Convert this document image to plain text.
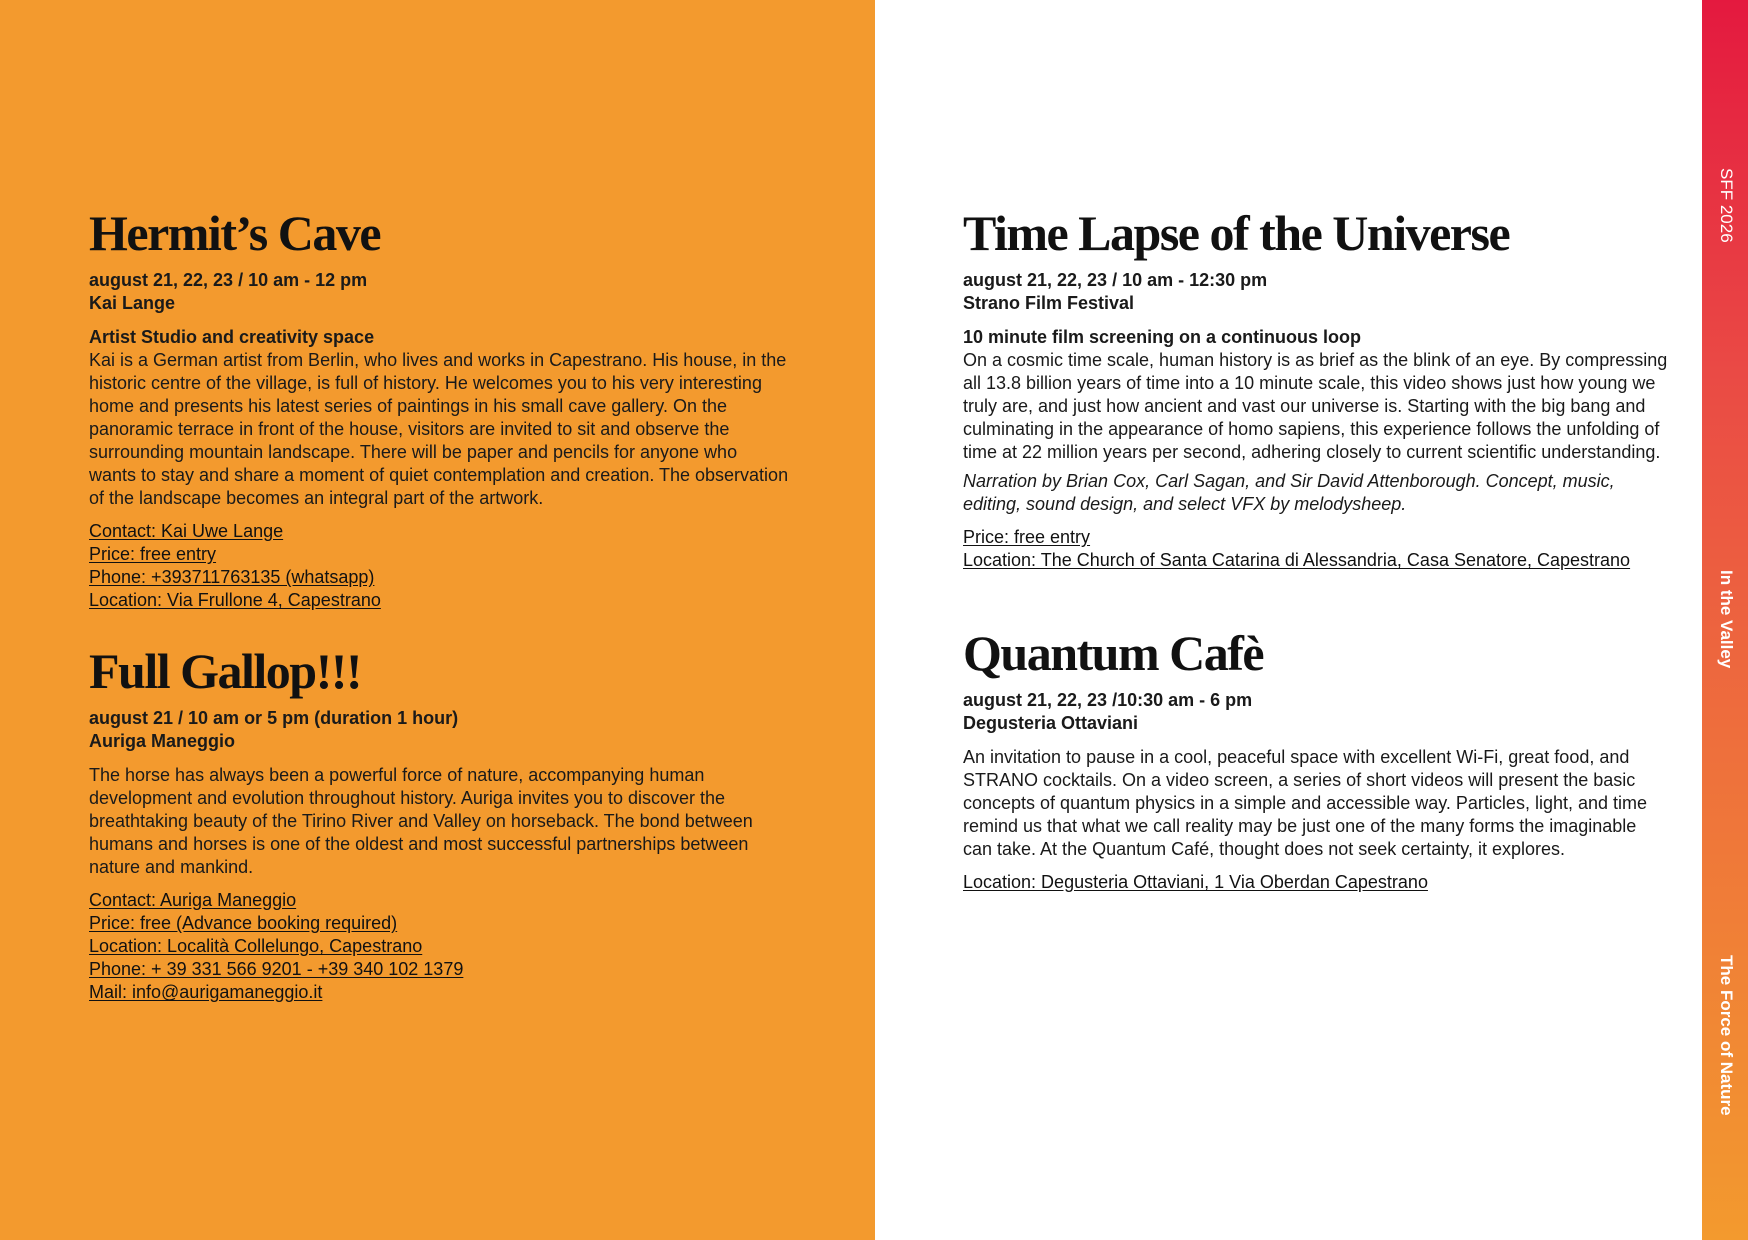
SFF 2026
In the Valley
The Force of Nature
Hermit’s Cave
august 21, 22, 23 / 10 am - 12 pm
Kai Lange
Artist Studio and creativity space
Kai is a German artist from Berlin, who lives and works in Capestrano. His house, in the historic centre of the village, is full of history. He welcomes you to his very interesting home and presents his latest series of paintings in his small cave gallery. On the panoramic terrace in front of the house, visitors are invited to sit and observe the surrounding mountain landscape. There will be paper and pencils for anyone who wants to stay and share a moment of quiet contemplation and creation. The observation of the landscape becomes an integral part of the artwork.
Contact: Kai Uwe Lange
Price: free entry
Phone: +393711763135 (whatsapp)
Location: Via Frullone 4, Capestrano
Full Gallop!!!
august 21 / 10 am or 5 pm (duration 1 hour)
Auriga Maneggio
The horse has always been a powerful force of nature, accompanying human development and evolution throughout history. Auriga invites you to discover the breathtaking beauty of the Tirino River and Valley on horseback. The bond between humans and horses is one of the oldest and most successful partnerships between nature and mankind.
Contact: Auriga Maneggio
Price: free (Advance booking required)
Location: Località Collelungo, Capestrano
Phone: + 39 331 566 9201 - +39 340 102 1379
Mail: info@aurigamaneggio.it
Time Lapse of the Universe
august 21, 22, 23 / 10 am - 12:30 pm
Strano Film Festival
10 minute film screening on a continuous loop
On a cosmic time scale, human history is as brief as the blink of an eye. By compressing all 13.8 billion years of time into a 10 minute scale, this video shows just how young we truly are, and just how ancient and vast our universe is. Starting with the big bang and culminating in the appearance of homo sapiens, this experience follows the unfolding of time at 22 million years per second, adhering closely to current scientific understanding.
Narration by Brian Cox, Carl Sagan, and Sir David Attenborough. Concept, music, editing, sound design, and select VFX by melodysheep.
Price: free entry
Location: The Church of Santa Catarina di Alessandria, Casa Senatore, Capestrano
Quantum Cafè
august 21, 22, 23 /10:30 am - 6 pm
Degusteria Ottaviani
An invitation to pause in a cool, peaceful space with excellent Wi-Fi, great food, and STRANO cocktails. On a video screen, a series of short videos will present the basic concepts of quantum physics in a simple and accessible way. Particles, light, and time remind us that what we call reality may be just one of the many forms the imaginable can take. At the Quantum Café, thought does not seek certainty, it explores.
Location: Degusteria Ottaviani, 1 Via Oberdan Capestrano
